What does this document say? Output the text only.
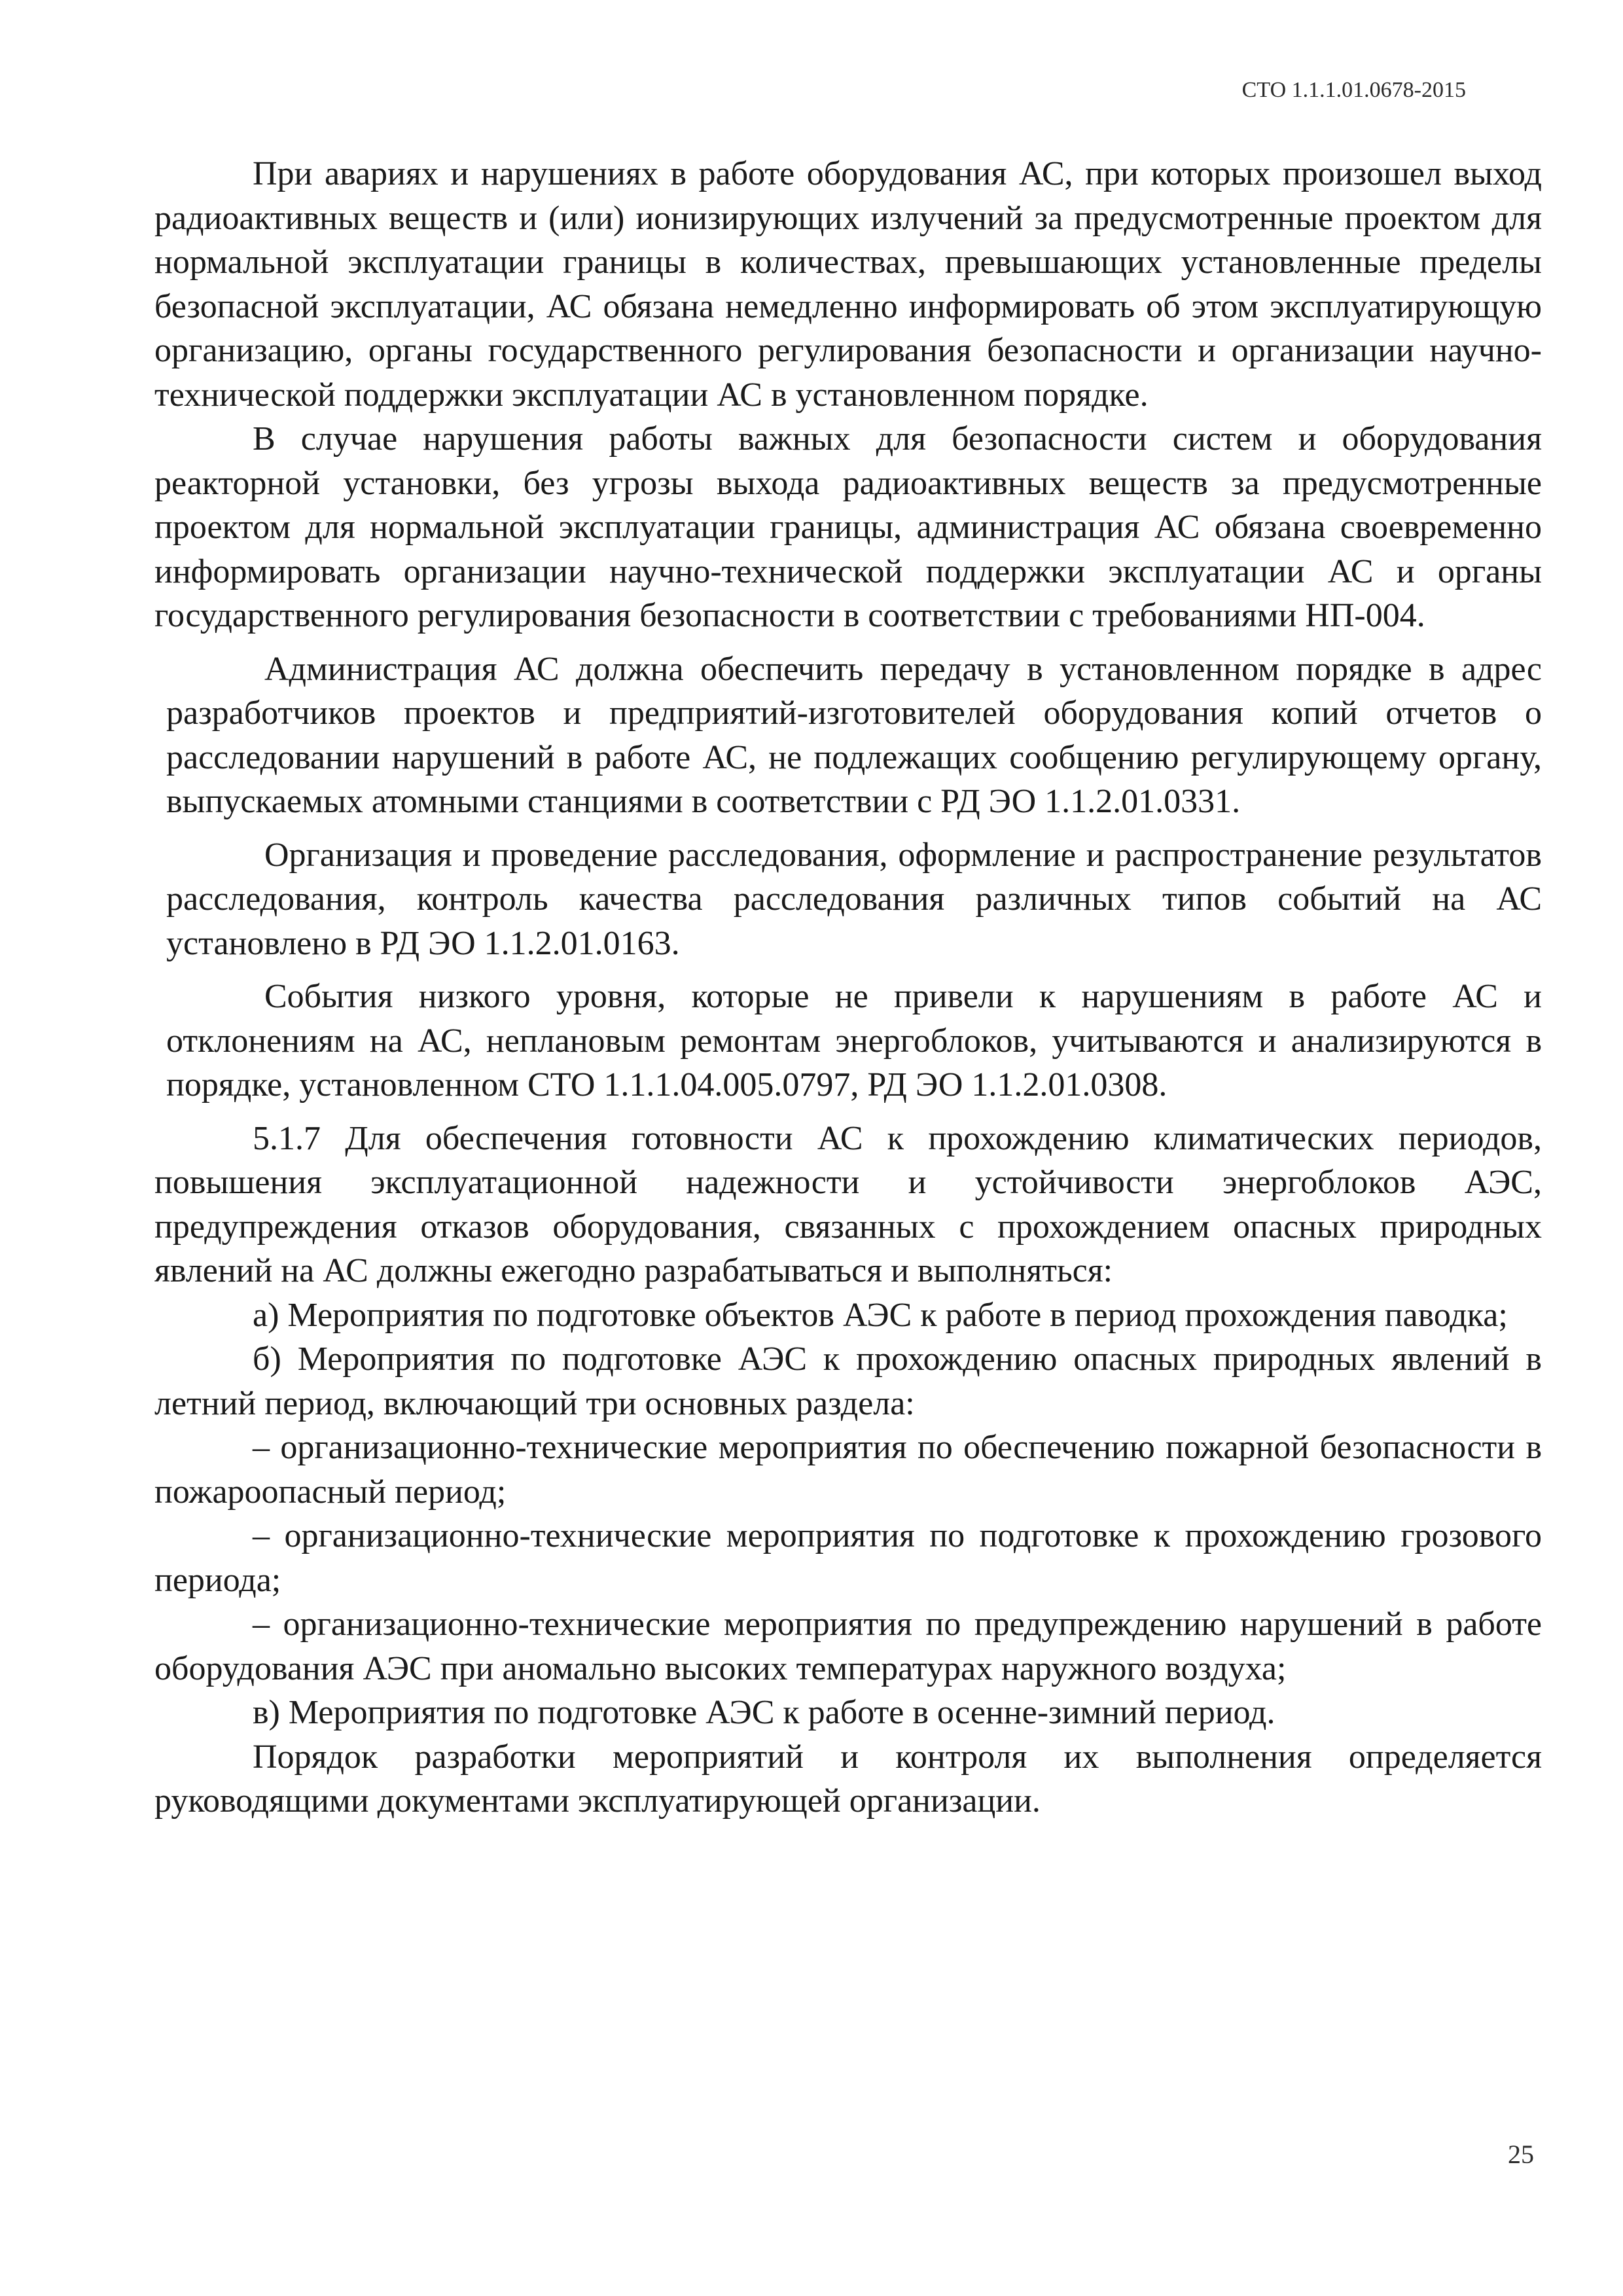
СТО 1.1.1.01.0678-2015

При авариях и нарушениях в работе оборудования АС, при которых произошел выход радиоактивных веществ и (или) ионизирующих излучений за предусмотренные проектом для нормальной эксплуатации границы в количествах, превышающих установленные пределы безопасной эксплуатации, АС обязана немедленно информировать об этом эксплуатирующую организацию, органы государственного регулирования безопасности и организации научно-технической поддержки эксплуатации АС в установленном порядке.

В случае нарушения работы важных для безопасности систем и оборудования реакторной установки, без угрозы выхода радиоактивных веществ за предусмотренные проектом для нормальной эксплуатации границы, администрация АС обязана своевременно информировать организации научно-технической поддержки эксплуатации АС и органы государственного регулирования безопасности в соответствии с требованиями НП-004.

Администрация АС должна обеспечить передачу в установленном порядке в адрес разработчиков проектов и предприятий-изготовителей оборудования копий отчетов о расследовании нарушений в работе АС, не подлежащих сообщению регулирующему органу, выпускаемых атомными станциями в соответствии с РД ЭО 1.1.2.01.0331.

Организация и проведение расследования, оформление и распространение результатов расследования, контроль качества расследования различных типов событий на АС установлено в РД ЭО 1.1.2.01.0163.

События низкого уровня, которые не привели к нарушениям в работе АС и отклонениям на АС, неплановым ремонтам энергоблоков, учитываются и анализируются в порядке, установленном СТО 1.1.1.04.005.0797, РД ЭО 1.1.2.01.0308.

5.1.7 Для обеспечения готовности АС к прохождению климатических периодов, повышения эксплуатационной надежности и устойчивости энергоблоков АЭС, предупреждения отказов оборудования, связанных с прохождением опасных природных явлений на АС должны ежегодно разрабатываться и выполняться:

а) Мероприятия по подготовке объектов АЭС к работе в период прохождения паводка;

б) Мероприятия по подготовке АЭС к прохождению опасных природных явлений в летний период, включающий три основных раздела:

– организационно-технические мероприятия по обеспечению пожарной безопасности в пожароопасный период;

– организационно-технические мероприятия по подготовке к прохождению грозового периода;

– организационно-технические мероприятия по предупреждению нарушений в работе оборудования АЭС при аномально высоких температурах наружного воздуха;

в) Мероприятия по подготовке АЭС к работе в осенне-зимний период.

Порядок разработки мероприятий и контроля их выполнения определяется руководящими документами эксплуатирующей организации.

25
